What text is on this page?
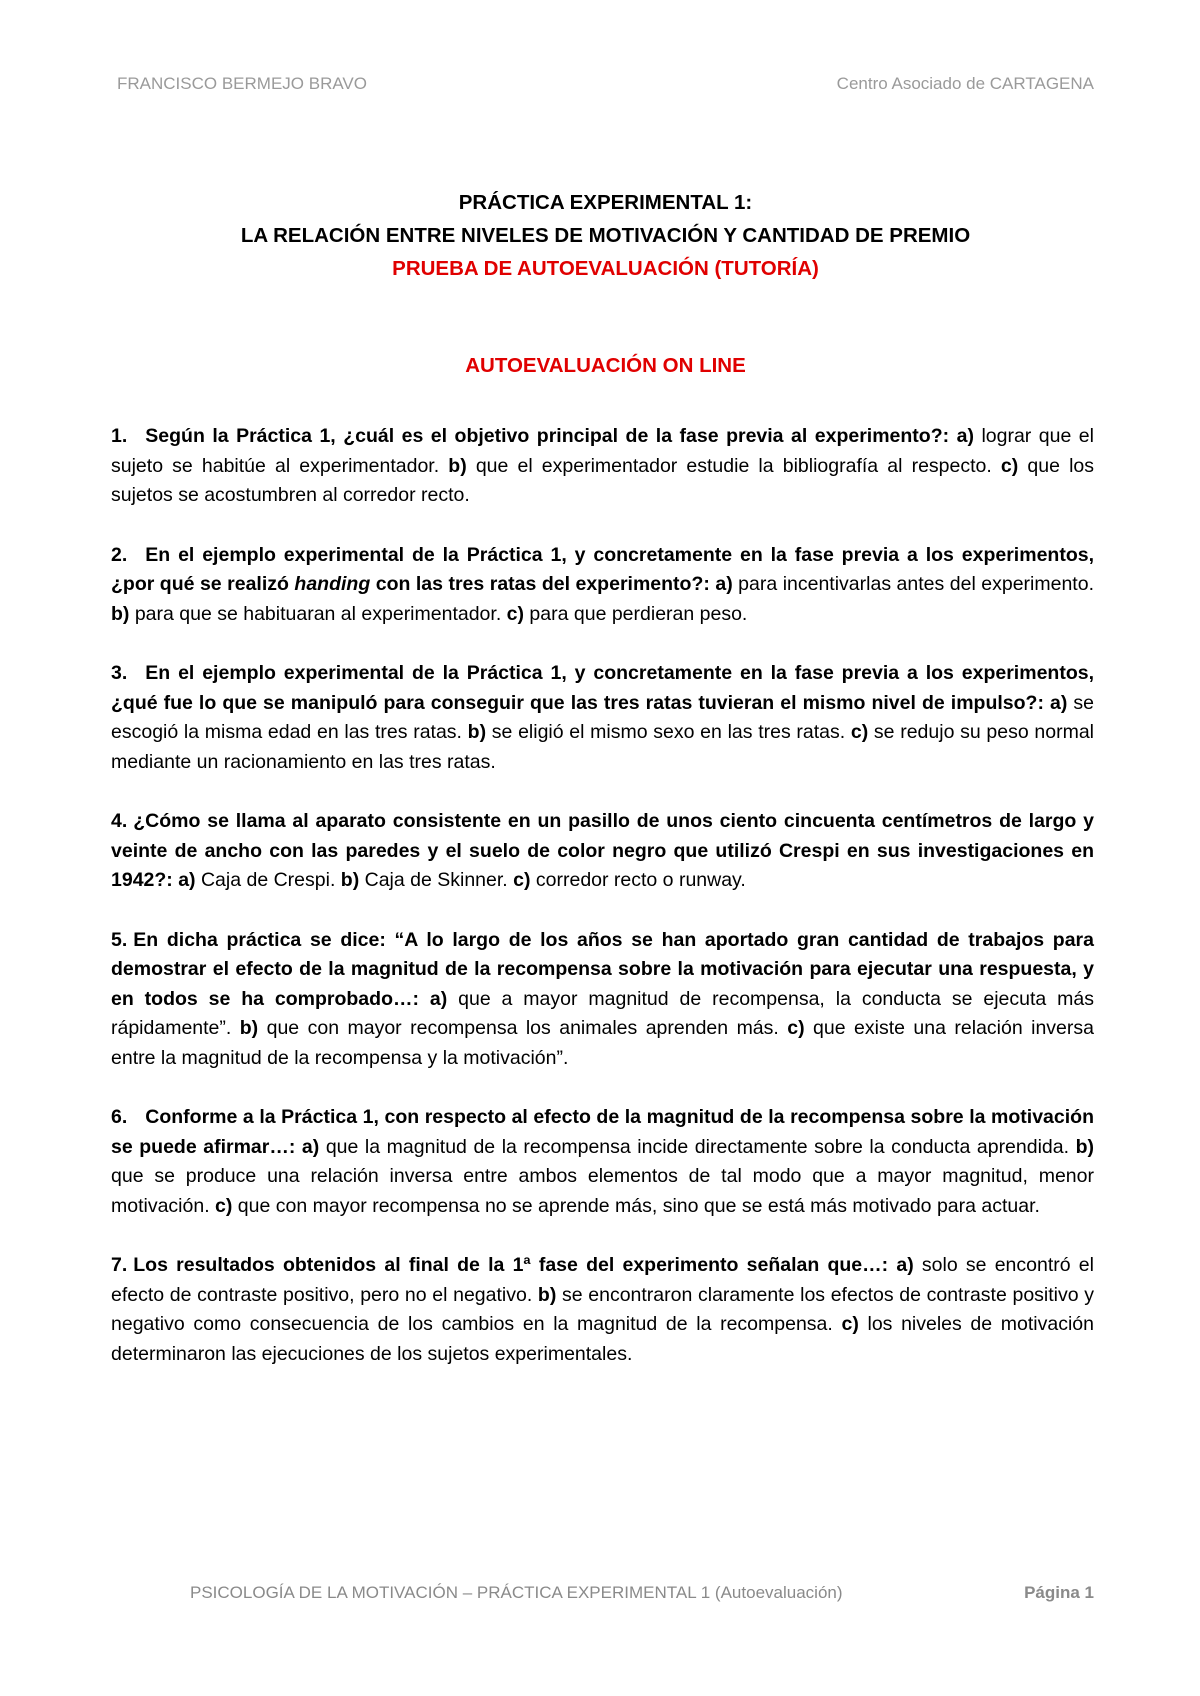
FRANCISCO BERMEJO BRAVO	Centro Asociado de CARTAGENA
PRÁCTICA EXPERIMENTAL 1:
LA RELACIÓN ENTRE NIVELES DE MOTIVACIÓN Y CANTIDAD DE PREMIO
PRUEBA DE AUTOEVALUACIÓN (TUTORÍA)
AUTOEVALUACIÓN ON LINE

1. Según la Práctica 1, ¿cuál es el objetivo principal de la fase previa al experimento?: a) lograr que el sujeto se habitúe al experimentador. b) que el experimentador estudie la bibliografía al respecto. c) que los sujetos se acostumbren al corredor recto.

2. En el ejemplo experimental de la Práctica 1, y concretamente en la fase previa a los experimentos, ¿por qué se realizó handing con las tres ratas del experimento?: a) para incentivarlas antes del experimento. b) para que se habituaran al experimentador. c) para que perdieran peso.

3. En el ejemplo experimental de la Práctica 1, y concretamente en la fase previa a los experimentos, ¿qué fue lo que se manipuló para conseguir que las tres ratas tuvieran el mismo nivel de impulso?: a) se escogió la misma edad en las tres ratas. b) se eligió el mismo sexo en las tres ratas. c) se redujo su peso normal mediante un racionamiento en las tres ratas.

4. ¿Cómo se llama al aparato consistente en un pasillo de unos ciento cincuenta centímetros de largo y veinte de ancho con las paredes y el suelo de color negro que utilizó Crespi en sus investigaciones en 1942?: a) Caja de Crespi. b) Caja de Skinner. c) corredor recto o runway.

5. En dicha práctica se dice: “A lo largo de los años se han aportado gran cantidad de trabajos para demostrar el efecto de la magnitud de la recompensa sobre la motivación para ejecutar una respuesta, y en todos se ha comprobado…: a) que a mayor magnitud de recompensa, la conducta se ejecuta más rápidamente”. b) que con mayor recompensa los animales aprenden más. c) que existe una relación inversa entre la magnitud de la recompensa y la motivación”.

6. Conforme a la Práctica 1, con respecto al efecto de la magnitud de la recompensa sobre la motivación se puede afirmar…: a) que la magnitud de la recompensa incide directamente sobre la conducta aprendida. b) que se produce una relación inversa entre ambos elementos de tal modo que a mayor magnitud, menor motivación. c) que con mayor recompensa no se aprende más, sino que se está más motivado para actuar.

7. Los resultados obtenidos al final de la 1ª fase del experimento señalan que…: a) solo se encontró el efecto de contraste positivo, pero no el negativo. b) se encontraron claramente los efectos de contraste positivo y negativo como consecuencia de los cambios en la magnitud de la recompensa. c) los niveles de motivación determinaron las ejecuciones de los sujetos experimentales.

PSICOLOGÍA DE LA MOTIVACIÓN – PRÁCTICA EXPERIMENTAL 1 (Autoevaluación)	Página 1
